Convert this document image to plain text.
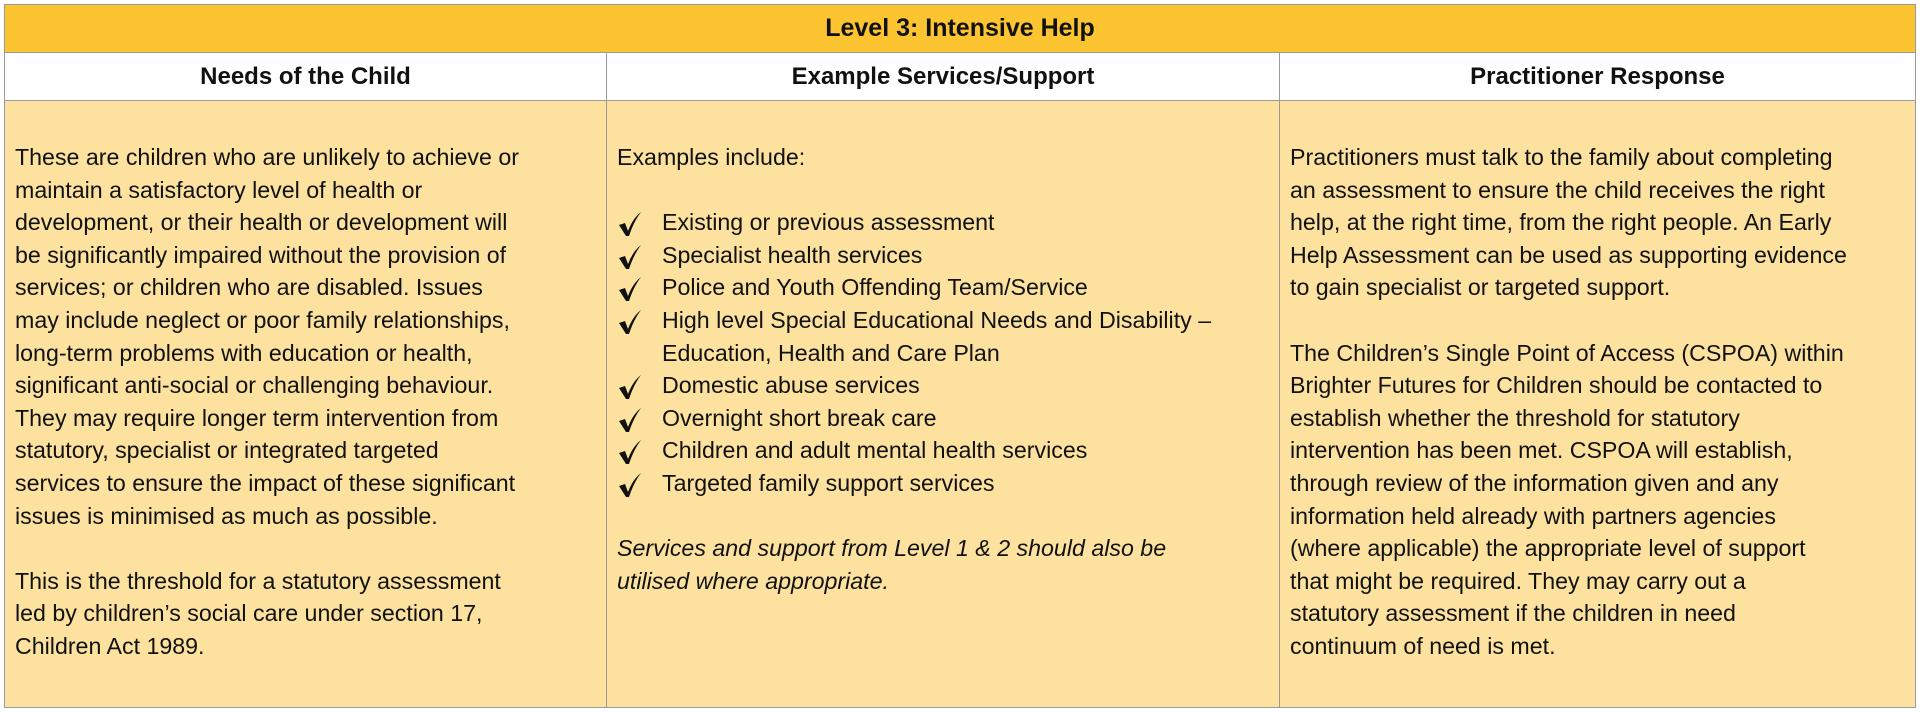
Level 3: Intensive Help
Needs of the Child	Example Services/Support	Practitioner Response

These are children who are unlikely to achieve or
maintain a satisfactory level of health or
development, or their health or development will
be significantly impaired without the provision of
services; or children who are disabled. Issues
may include neglect or poor family relationships,
long-term problems with education or health,
significant anti-social or challenging behaviour.
They may require longer term intervention from
statutory, specialist or integrated targeted
services to ensure the impact of these significant
issues is minimised as much as possible.

This is the threshold for a statutory assessment
led by children’s social care under section 17,
Children Act 1989.

Examples include:

Existing or previous assessment
Specialist health services
Police and Youth Offending Team/Service
High level Special Educational Needs and Disability –
Education, Health and Care Plan
Domestic abuse services
Overnight short break care
Children and adult mental health services
Targeted family support services

Services and support from Level 1 & 2 should also be
utilised where appropriate.

Practitioners must talk to the family about completing
an assessment to ensure the child receives the right
help, at the right time, from the right people. An Early
Help Assessment can be used as supporting evidence
to gain specialist or targeted support.

The Children’s Single Point of Access (CSPOA) within
Brighter Futures for Children should be contacted to
establish whether the threshold for statutory
intervention has been met. CSPOA will establish,
through review of the information given and any
information held already with partners agencies
(where applicable) the appropriate level of support
that might be required. They may carry out a
statutory assessment if the children in need
continuum of need is met.
